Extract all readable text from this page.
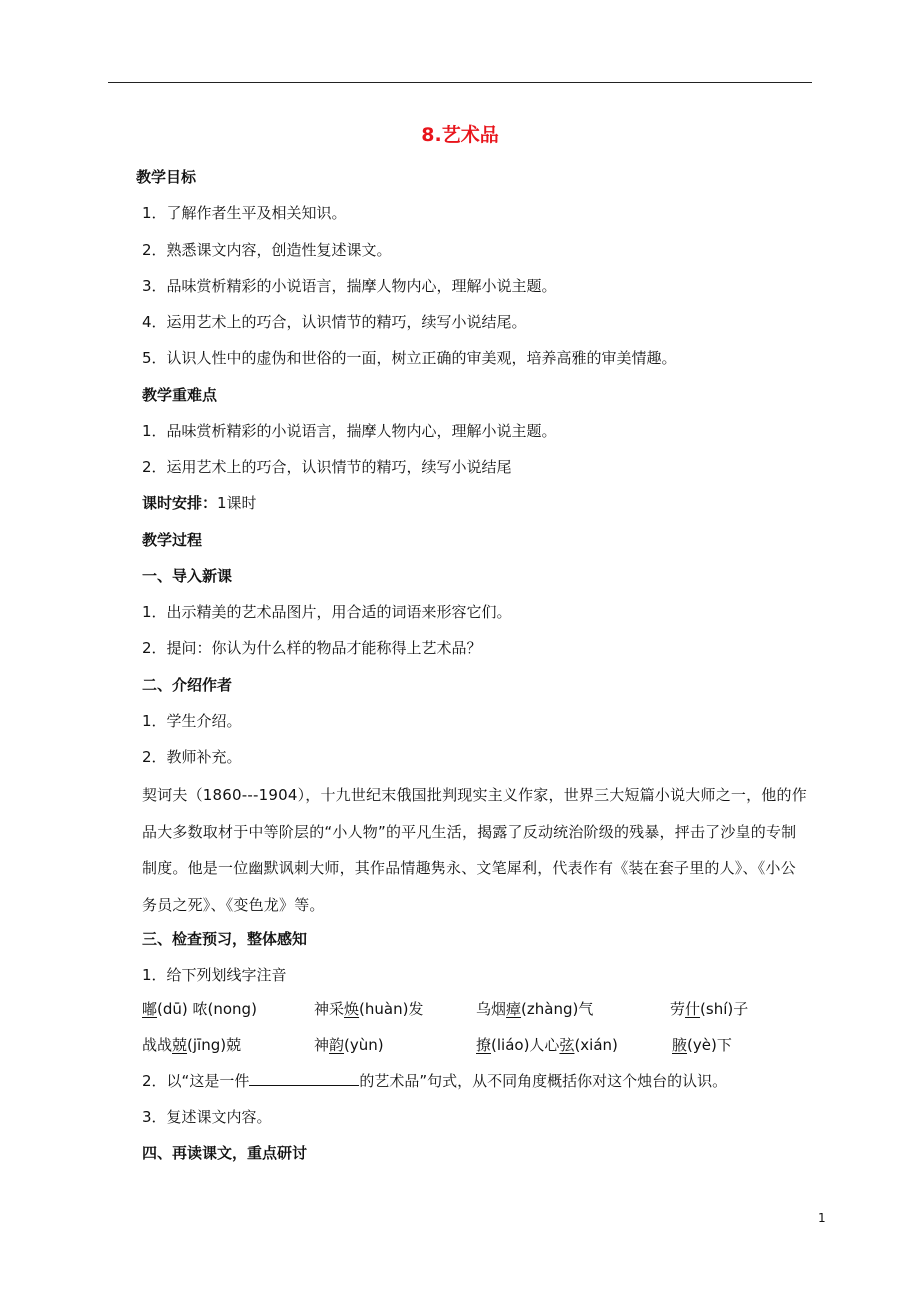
8.艺术品
教学目标
1．了解作者生平及相关知识。
2．熟悉课文内容，创造性复述课文。
3．品味赏析精彩的小说语言，揣摩人物内心，理解小说主题。
4．运用艺术上的巧合，认识情节的精巧，续写小说结尾。
5．认识人性中的虚伪和世俗的一面，树立正确的审美观，培养高雅的审美情趣。
教学重难点
1．品味赏析精彩的小说语言，揣摩人物内心，理解小说主题。
2．运用艺术上的巧合，认识情节的精巧，续写小说结尾
课时安排：1课时
教学过程
一、导入新课
1．出示精美的艺术品图片，用合适的词语来形容它们。
2．提问：你认为什么样的物品才能称得上艺术品？
二、介绍作者
1．学生介绍。
2．教师补充。
契诃夫（1860---1904），十九世纪末俄国批判现实主义作家，世界三大短篇小说大师之一，他的作品大多数取材于中等阶层的“小人物”的平凡生活，揭露了反动统治阶级的残暴，抨击了沙皇的专制制度。他是一位幽默讽刺大师，其作品情趣隽永、文笔犀利，代表作有《装在套子里的人》、《小公务员之死》、《变色龙》等。
三、检查预习，整体感知
1．给下列划线字注音
嘟(dū) 哝(nong)	神采焕(huàn)发	乌烟瘴(zhàng)气	劳什(shí)子
战战兢(jīng)兢	神韵(yùn)	撩(liáo)人心弦(xián)	腋(yè)下
2．以“这是一件	的艺术品”句式，从不同角度概括你对这个烛台的认识。
3．复述课文内容。
四、再读课文，重点研讨
1
